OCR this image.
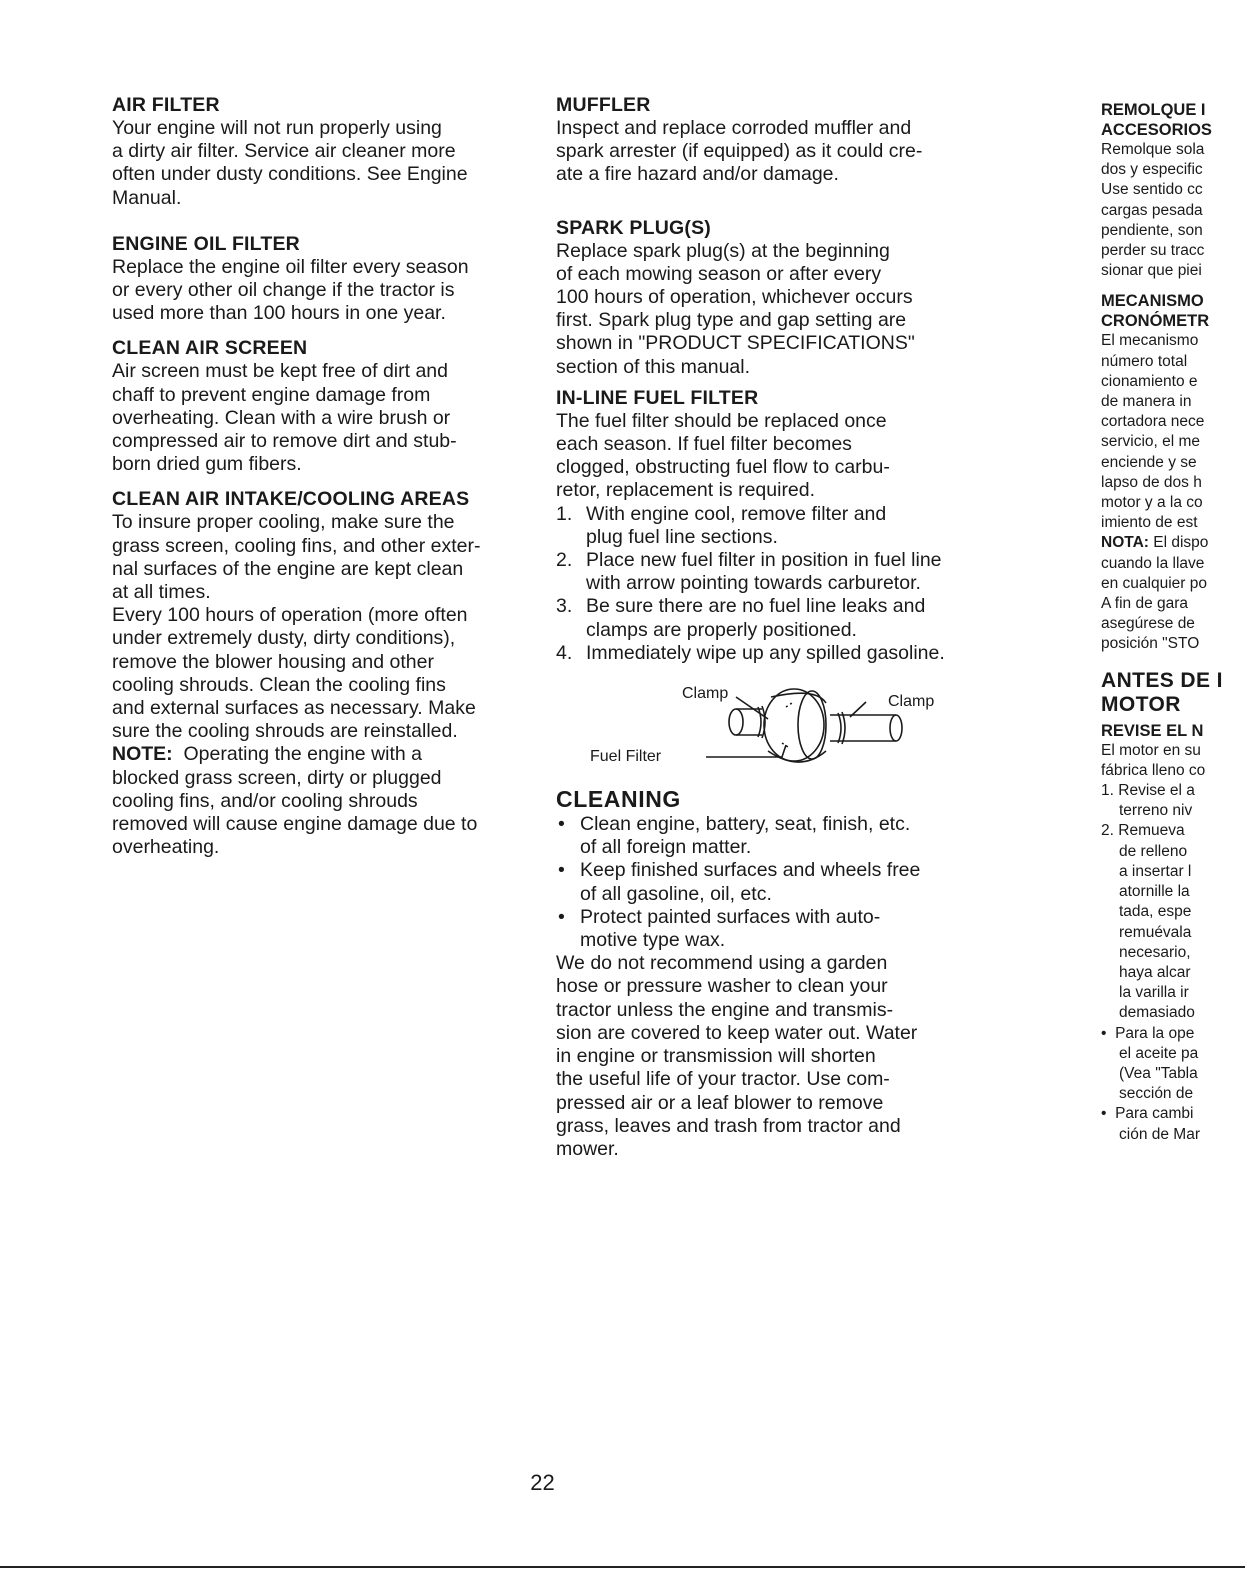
AIR FILTER

Your engine will not run properly using
a dirty air filter. Service air cleaner more
often under dusty conditions. See Engine
Manual.

ENGINE OIL FILTER

Replace the engine oil filter every season
or every other oil change if the tractor is
used more than 100 hours in one year.

CLEAN AIR SCREEN

Air screen must be kept free of dirt and
chaff to prevent engine damage from
overheating. Clean with a wire brush or
compressed air to remove dirt and stub-
born dried gum fibers.

CLEAN AIR INTAKE/COOLING AREAS

To insure proper cooling, make sure the
grass screen, cooling fins, and other exter-
nal surfaces of the engine are kept clean
at all times.
Every 100 hours of operation (more often
under extremely dusty, dirty conditions),
remove the blower housing and other
cooling shrouds. Clean the cooling fins
and external surfaces as necessary. Make
sure the cooling shrouds are reinstalled.
NOTE: Operating the engine with a
blocked grass screen, dirty or plugged
cooling fins, and/or cooling shrouds
removed will cause engine damage due to
overheating.

MUFFLER

Inspect and replace corroded muffler and
spark arrester (if equipped) as it could cre-
ate a fire hazard and/or damage.

SPARK PLUG(S)

Replace spark plug(s) at the beginning
of each mowing season or after every
100 hours of operation, whichever occurs
first. Spark plug type and gap setting are
shown in "PRODUCT SPECIFICATIONS"
section of this manual.

IN-LINE FUEL FILTER

The fuel filter should be replaced once
each season. If fuel filter becomes
clogged, obstructing fuel flow to carbu-
retor, replacement is required.

1. With engine cool, remove filter and
plug fuel line sections.
2. Place new fuel filter in position in fuel line
with arrow pointing towards carburetor.
3. Be sure there are no fuel line leaks and
clamps are properly positioned.
4. Immediately wipe up any spilled gasoline.
Clamp	Clamp
Fuel Filter
CLEANING
• Clean engine, battery, seat, finish, etc.
of all foreign matter.
• Keep finished surfaces and wheels free
of all gasoline, oil, etc.
• Protect painted surfaces with auto-
motive type wax.

We do not recommend using a garden
hose or pressure washer to clean your
tractor unless the engine and transmis-
sion are covered to keep water out. Water
in engine or transmission will shorten
the useful life of your tractor. Use com-
pressed air or a leaf blower to remove
grass, leaves and trash from tractor and
mower.

REMOLQUE I
ACCESORIOS

Remolque sola
dos y especific
Use sentido cc
cargas pesada
pendiente, son
perder su tracc
sionar que piei

MECANISMO
CRONÓMETR

El mecanismo
número total
cionamiento e
de manera in
cortadora nece
servicio, el me
enciende y se
lapso de dos h
motor y a la co
imiento de est
NOTA: El dispo
cuando la llave
en cualquier po
A fin de gara
asegúrese de
posición "STO

ANTES DE I
MOTOR
REVISE EL N

El motor en su
fábrica lleno co

1. Revise el a
terreno niv
2. Remueva
de relleno
a insertar l
atornille la
tada, espe
remuévala
necesario,
haya alcar
la varilla ir
demasiado
• Para la ope
el aceite pa
(Vea "Tabla
sección de
• Para cambi
ción de Mar
22
